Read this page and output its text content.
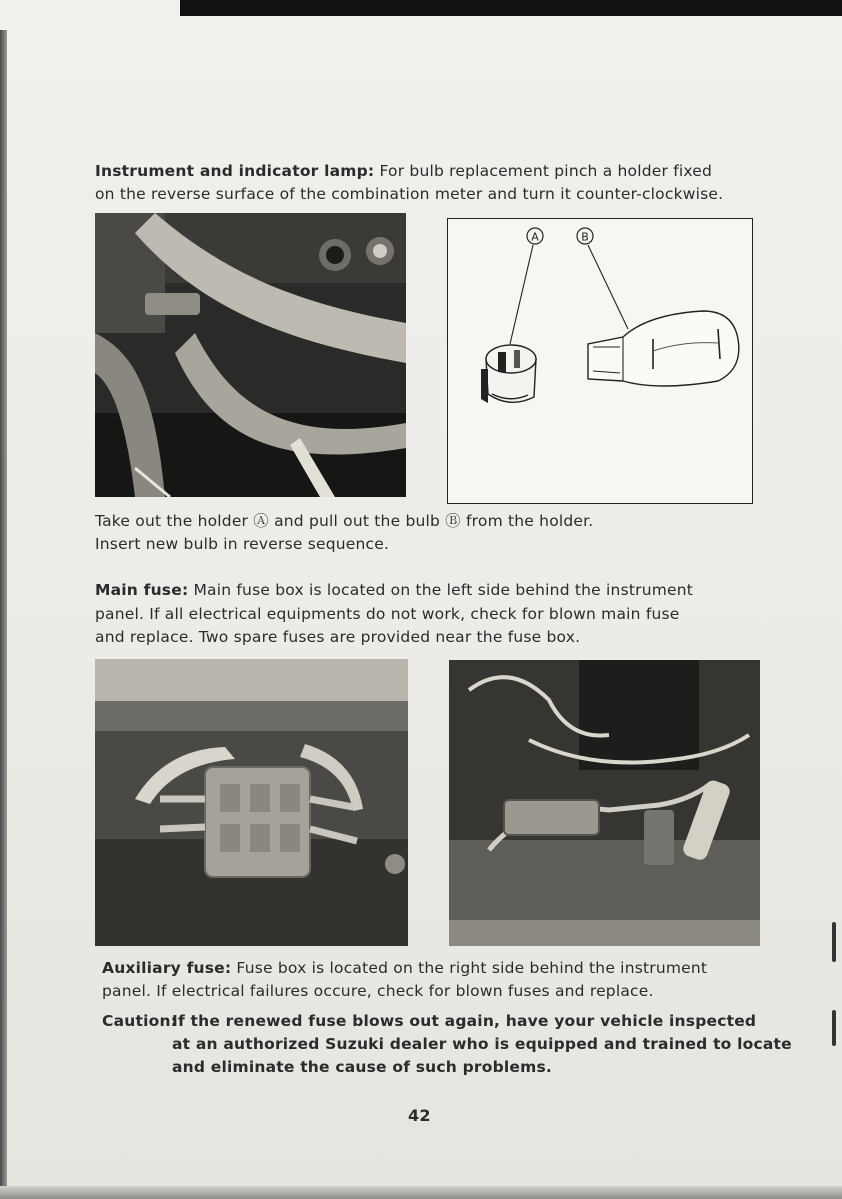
Instrument and indicator lamp: For bulb replacement pinch a holder fixed

on the reverse surface of the combination meter and turn it counter-clockwise.

A	B

Take out the holder Ⓐ and pull out the bulb Ⓑ from the holder.

Insert new bulb in reverse sequence.

Main fuse: Main fuse box is located on the left side behind the instrument

panel. If all electrical equipments do not work, check for blown main fuse

and replace. Two spare fuses are provided near the fuse box.

Auxiliary fuse: Fuse box is located on the right side behind the instrument

panel. If electrical failures occure, check for blown fuses and replace.

Caution:

If the renewed fuse blows out again, have your vehicle inspected

at an authorized Suzuki dealer who is equipped and trained to locate

and eliminate the cause of such problems.

42
